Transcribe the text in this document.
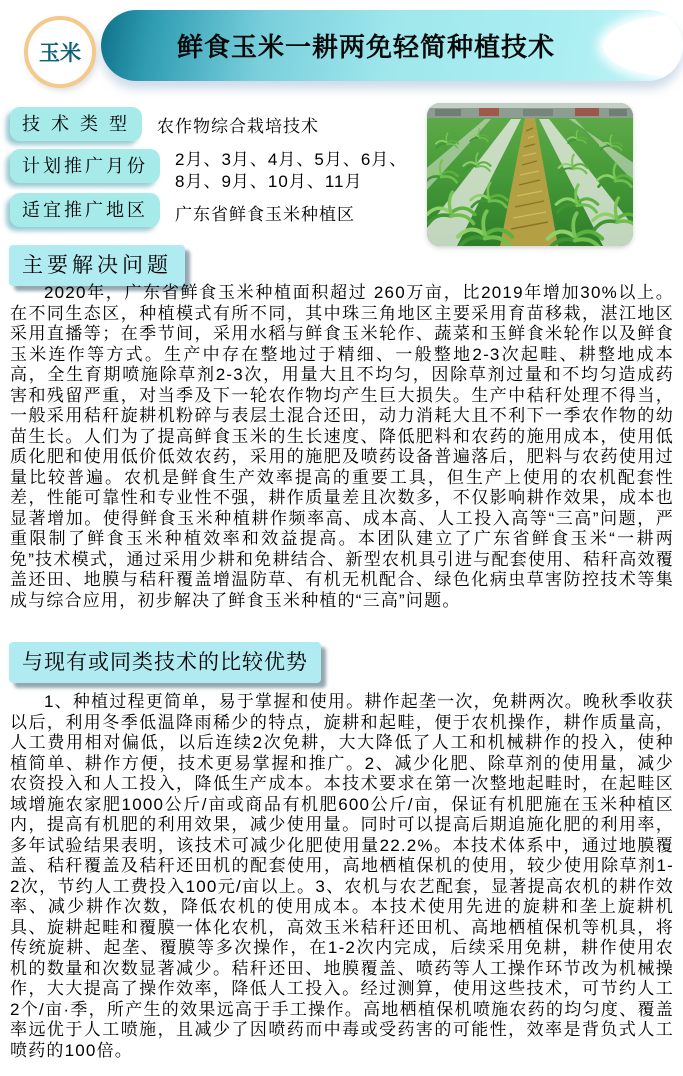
鲜食玉米一耕两免轻简种植技术
玉米
技 术 类 型	农作物综合栽培技术
计划推广月份	2月、3月、4月、5月、6月、8月、9月、10月、11月
适宜推广地区	广东省鲜食玉米种植区
主要解决问题
2020年，广东省鲜食玉米种植面积超过 260万亩，比2019年增加30%以上。在不同生态区，种植模式有所不同，其中珠三角地区主要采用育苗移栽，湛江地区采用直播等；在季节间，采用水稻与鲜食玉米轮作、蔬菜和玉鲜食米轮作以及鲜食玉米连作等方式。生产中存在整地过于精细、一般整地2-3次起畦、耕整地成本高，全生育期喷施除草剂2-3次，用量大且不均匀，因除草剂过量和不均匀造成药害和残留严重，对当季及下一轮农作物均产生巨大损失。生产中秸秆处理不得当，一般采用秸秆旋耕机粉碎与表层土混合还田，动力消耗大且不利下一季农作物的幼苗生长。人们为了提高鲜食玉米的生长速度、降低肥料和农药的施用成本，使用低质化肥和使用低价低效农药，采用的施肥及喷药设备普遍落后，肥料与农药使用过量比较普遍。农机是鲜食生产效率提高的重要工具，但生产上使用的农机配套性差，性能可靠性和专业性不强，耕作质量差且次数多，不仅影响耕作效果，成本也显著增加。使得鲜食玉米种植耕作频率高、成本高、人工投入高等“三高”问题，严重限制了鲜食玉米种植效率和效益提高。本团队建立了广东省鲜食玉米“一耕两免”技术模式，通过采用少耕和免耕结合、新型农机具引进与配套使用、秸秆高效覆盖还田、地膜与秸秆覆盖增温防草、有机无机配合、绿色化病虫草害防控技术等集成与综合应用，初步解决了鲜食玉米种植的“三高”问题。
与现有或同类技术的比较优势
1、种植过程更简单，易于掌握和使用。耕作起垄一次，免耕两次。晚秋季收获以后，利用冬季低温降雨稀少的特点，旋耕和起畦，便于农机操作，耕作质量高，人工费用相对偏低，以后连续2次免耕，大大降低了人工和机械耕作的投入，使种植简单、耕作方便，技术更易掌握和推广。2、减少化肥、除草剂的使用量，减少农资投入和人工投入，降低生产成本。本技术要求在第一次整地起畦时，在起畦区域增施农家肥1000公斤/亩或商品有机肥600公斤/亩，保证有机肥施在玉米种植区内，提高有机肥的利用效果，减少使用量。同时可以提高后期追施化肥的利用率，多年试验结果表明，该技术可减少化肥使用量22.2%。本技术体系中，通过地膜覆盖、秸秆覆盖及秸秆还田机的配套使用，高地栖植保机的使用，较少使用除草剂1-2次，节约人工费投入100元/亩以上。3、农机与农艺配套，显著提高农机的耕作效率、减少耕作次数，降低农机的使用成本。本技术使用先进的旋耕和垄上旋耕机具、旋耕起畦和覆膜一体化农机，高效玉米秸秆还田机、高地栖植保机等机具，将传统旋耕、起垄、覆膜等多次操作，在1-2次内完成，后续采用免耕，耕作使用农机的数量和次数显著减少。秸秆还田、地膜覆盖、喷药等人工操作环节改为机械操作，大大提高了操作效率，降低人工投入。经过测算，使用这些技术，可节约人工2个/亩·季，所产生的效果远高于手工操作。高地栖植保机喷施农药的均匀度、覆盖率远优于人工喷施，且减少了因喷药而中毒或受药害的可能性，效率是背负式人工喷药的100倍。
